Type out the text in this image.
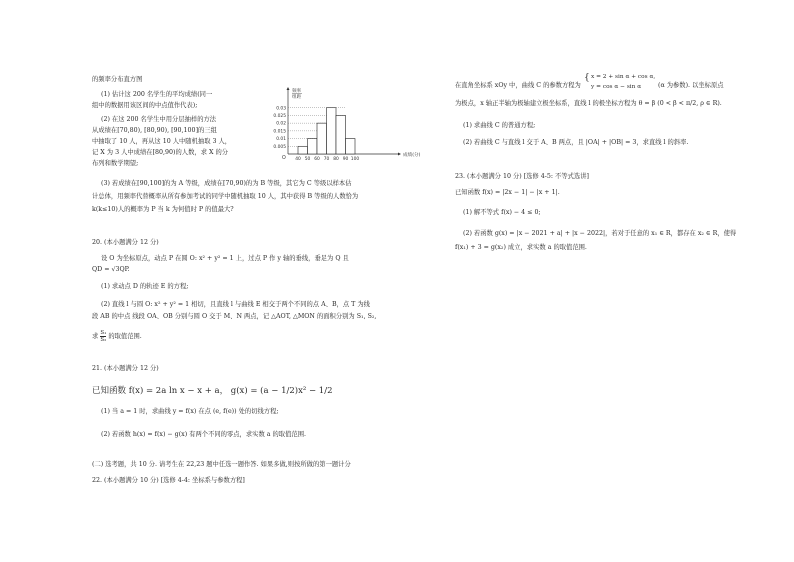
的频率分布直方图
(1) 估计这 200 名学生的平均成绩(同一
组中的数据用该区间的中点值作代表);
(2) 在这 200 名学生中用分层抽样的方法
从成绩在[70,80), [80,90), [90,100]的三组
中抽取了 10 人，再从这 10 人中随机抽取 3 人，
记 X 为 3 人中成绩在[80,90)的人数，求 X 的分
布列和数学期望;
频率
组距
O
0.03
0.025
0.02
0.015
0.01
0.005
40 50 60 70 80 90 100
成绩(分)
(3) 若成绩在[90,100]的为 A 等级，成绩在[70,90)的为 B 等级，其它为 C 等级以样本估
计总体，用频率代替概率从所有参加考试的同学中随机抽取 10 人，其中获得 B 等级的人数恰为
k(k≤10)人的概率为 P 当 k 为何值时 P 的值最大?
20. (本小题满分 12 分)
设 O 为坐标原点，动点 P 在圆 O: x² + y² = 1 上，过点 P 作 y 轴的垂线，垂足为 Q 且
QD = √3QP.
(1) 求动点 D 的轨迹 E 的方程;
(2) 直线 l 与圆 O: x² + y² = 1 相切，且直线 l 与曲线 E 相交于两个不同的点 A、B，点 T 为线
段 AB 的中点 线段 OA、OB 分别与圆 O 交于 M、N 两点，记 △AOT, △MON 的面积分别为 S₁, S₂,
求 $\frac{\text{S₁}}{\text{S₂}}$ 的取值范围.
21. (本小题满分 12 分)
已知函数 f(x) = 2a ln x − x + a， g(x) = (a − 1/2)x² − 1/2
(1) 当 a = 1 时，求曲线 y = f(x) 在点 (e, f(e)) 处的切线方程;
(2) 若函数 h(x) = f(x) − g(x) 有两个不同的零点，求实数 a 的取值范围.
(二) 选考题，共 10 分. 请考生在 22,23 题中任选一题作答. 如果多做,则按所做的第一题计分
22. (本小题满分 10 分) [选修 4-4: 坐标系与参数方程]
在直角坐标系 xOy 中，曲线 C 的参数方程为
{ x = 2 + sin α + cos α,
y = cos α − sin α	(α 为参数). 以坐标原点
为极点，x 轴正半轴为极轴建立极坐标系，直线 l 的极坐标方程为 θ = β (0 < β < π/2, ρ ∈ R).
(1) 求曲线 C 的普通方程;
(2) 若曲线 C 与直线 l 交于 A、B 两点，且 |OA| + |OB| = 3，求直线 l 的斜率.
23. (本小题满分 10 分) [选修 4-5: 不等式选讲]
已知函数 f(x) = |2x − 1| − |x + 1|.
(1) 解不等式 f(x) − 4 ≤ 0;
(2) 若函数 g(x) = |x − 2021 + a| + |x − 2022|，若对于任意的 x₁ ∈ R，都存在 x₂ ∈ R，使得
f(x₁) + 3 = g(x₂) 成立，求实数 a 的取值范围.
